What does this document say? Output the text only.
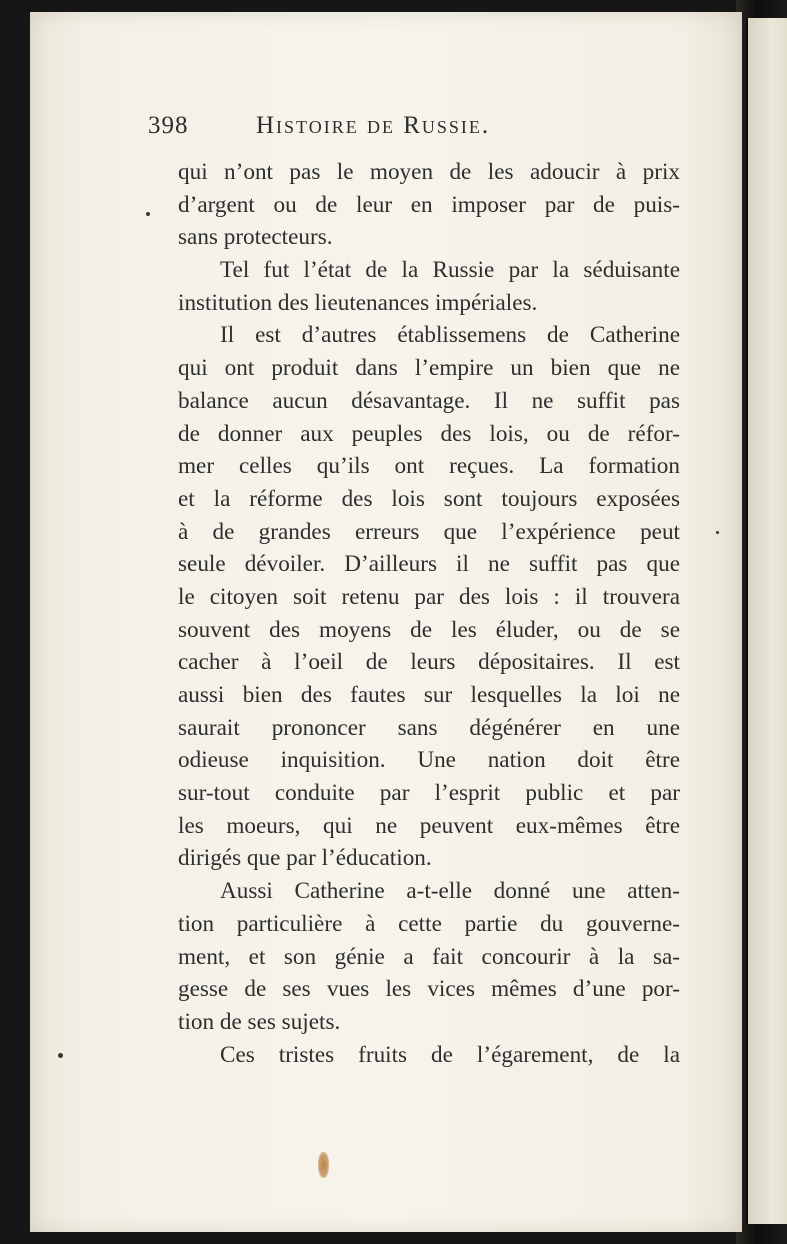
398	Histoire de Russie.
qui n’ont pas le moyen de les adoucir à prix
d’argent ou de leur en imposer par de puis-
sans protecteurs.
Tel fut l’état de la Russie par la séduisante
institution des lieutenances impériales.
Il est d’autres établissemens de Catherine
qui ont produit dans l’empire un bien que ne
balance aucun désavantage. Il ne suffit pas
de donner aux peuples des lois, ou de réfor-
mer celles qu’ils ont reçues. La formation
et la réforme des lois sont toujours exposées
à de grandes erreurs que l’expérience peut
seule dévoiler. D’ailleurs il ne suffit pas que
le citoyen soit retenu par des lois : il trouvera
souvent des moyens de les éluder, ou de se
cacher à l’oeil de leurs dépositaires. Il est
aussi bien des fautes sur lesquelles la loi ne
saurait prononcer sans dégénérer en une
odieuse inquisition. Une nation doit être
sur-tout conduite par l’esprit public et par
les moeurs, qui ne peuvent eux-mêmes être
dirigés que par l’éducation.
Aussi Catherine a-t-elle donné une atten-
tion particulière à cette partie du gouverne-
ment, et son génie a fait concourir à la sa-
gesse de ses vues les vices mêmes d’une por-
tion de ses sujets.
Ces tristes fruits de l’égarement, de la
